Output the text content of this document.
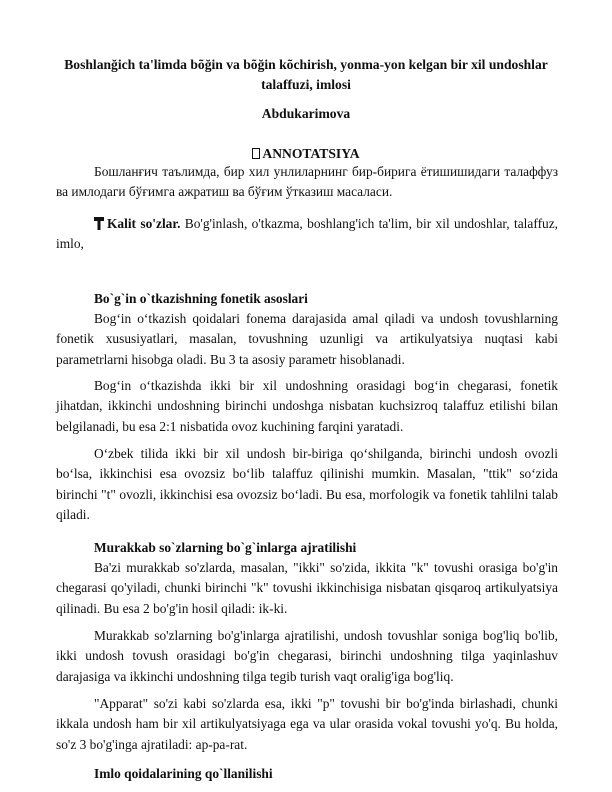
Boshlanğich ta'limda bõğin va bõğin kõchirish, yonma-yon kelgan bir xil undoshlar talaffuzi, imlosi
Abdukarimova
ANNOTATSIYA

Бошланғич таълимда, бир хил унлиларнинг бир-бирига ётишишидаги талаффуз ва имлодаги бўғимга ажратиш ва бўғим ўтказиш масаласи.

Kalit so'zlar. Bo'g'inlash, o'tkazma, boshlang'ich ta'lim, bir xil undoshlar, talaffuz, imlo,

Bo`g`in o`tkazishning fonetik asoslari

Bog‘in o‘tkazish qoidalari fonema darajasida amal qiladi va undosh tovushlarning fonetik xususiyatlari, masalan, tovushning uzunligi va artikulyatsiya nuqtasi kabi parametrlarni hisobga oladi. Bu 3 ta asosiy parametr hisoblanadi.

Bog‘in o‘tkazishda ikki bir xil undoshning orasidagi bog‘in chegarasi, fonetik jihatdan, ikkinchi undoshning birinchi undoshga nisbatan kuchsizroq talaffuz etilishi bilan belgilanadi, bu esa 2:1 nisbatida ovoz kuchining farqini yaratadi.

O‘zbek tilida ikki bir xil undosh bir-biriga qo‘shilganda, birinchi undosh ovozli bo‘lsa, ikkinchisi esa ovozsiz bo‘lib talaffuz qilinishi mumkin. Masalan, "ttik" so‘zida birinchi "t" ovozli, ikkinchisi esa ovozsiz bo‘ladi. Bu esa, morfologik va fonetik tahlilni talab qiladi.

Murakkab so`zlarning bo`g`inlarga ajratilishi

Ba'zi murakkab so'zlarda, masalan, "ikki" so'zida, ikkita "k" tovushi orasiga bo'g'in chegarasi qo'yiladi, chunki birinchi "k" tovushi ikkinchisiga nisbatan qisqaroq artikulyatsiya qilinadi. Bu esa 2 bo'g'in hosil qiladi: ik-ki.

Murakkab so'zlarning bo'g'inlarga ajratilishi, undosh tovushlar soniga bog'liq bo'lib, ikki undosh tovush orasidagi bo'g'in chegarasi, birinchi undoshning tilga yaqinlashuv darajasiga va ikkinchi undoshning tilga tegib turish vaqt oralig'iga bog'liq.

"Apparat" so'zi kabi so'zlarda esa, ikki "p" tovushi bir bo'g'inda birlashadi, chunki ikkala undosh ham bir xil artikulyatsiyaga ega va ular orasida vokal tovushi yo'q. Bu holda, so'z 3 bo'g'inga ajratiladi: ap-pa-rat.

Imlo qoidalarining qo`llanilishi
